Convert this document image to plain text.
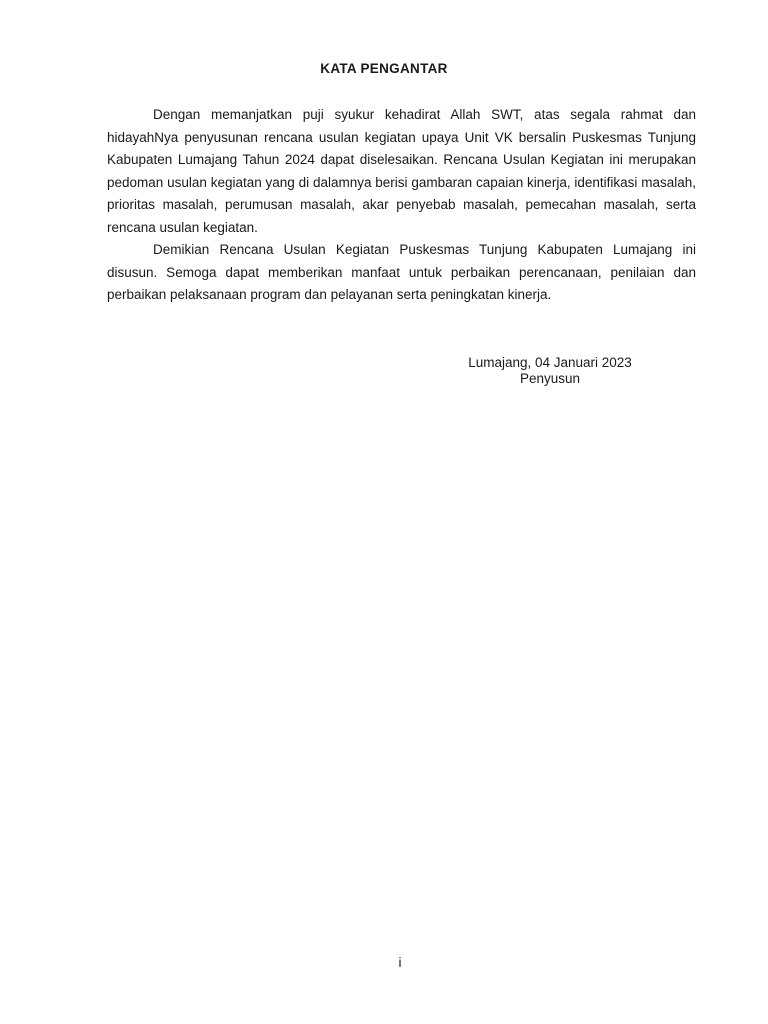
KATA PENGANTAR

Dengan memanjatkan puji syukur kehadirat Allah SWT, atas segala rahmat dan hidayahNya penyusunan rencana usulan kegiatan upaya Unit VK bersalin Puskesmas Tunjung Kabupaten Lumajang Tahun 2024 dapat diselesaikan. Rencana Usulan Kegiatan ini merupakan pedoman usulan kegiatan yang di dalamnya berisi gambaran capaian kinerja, identifikasi masalah, prioritas masalah, perumusan masalah, akar penyebab masalah, pemecahan masalah, serta rencana usulan kegiatan.

Demikian Rencana Usulan Kegiatan Puskesmas Tunjung Kabupaten Lumajang ini disusun. Semoga dapat memberikan manfaat untuk perbaikan perencanaan, penilaian dan perbaikan pelaksanaan program dan pelayanan serta peningkatan kinerja.

Lumajang, 04 Januari 2023
Penyusun
i
